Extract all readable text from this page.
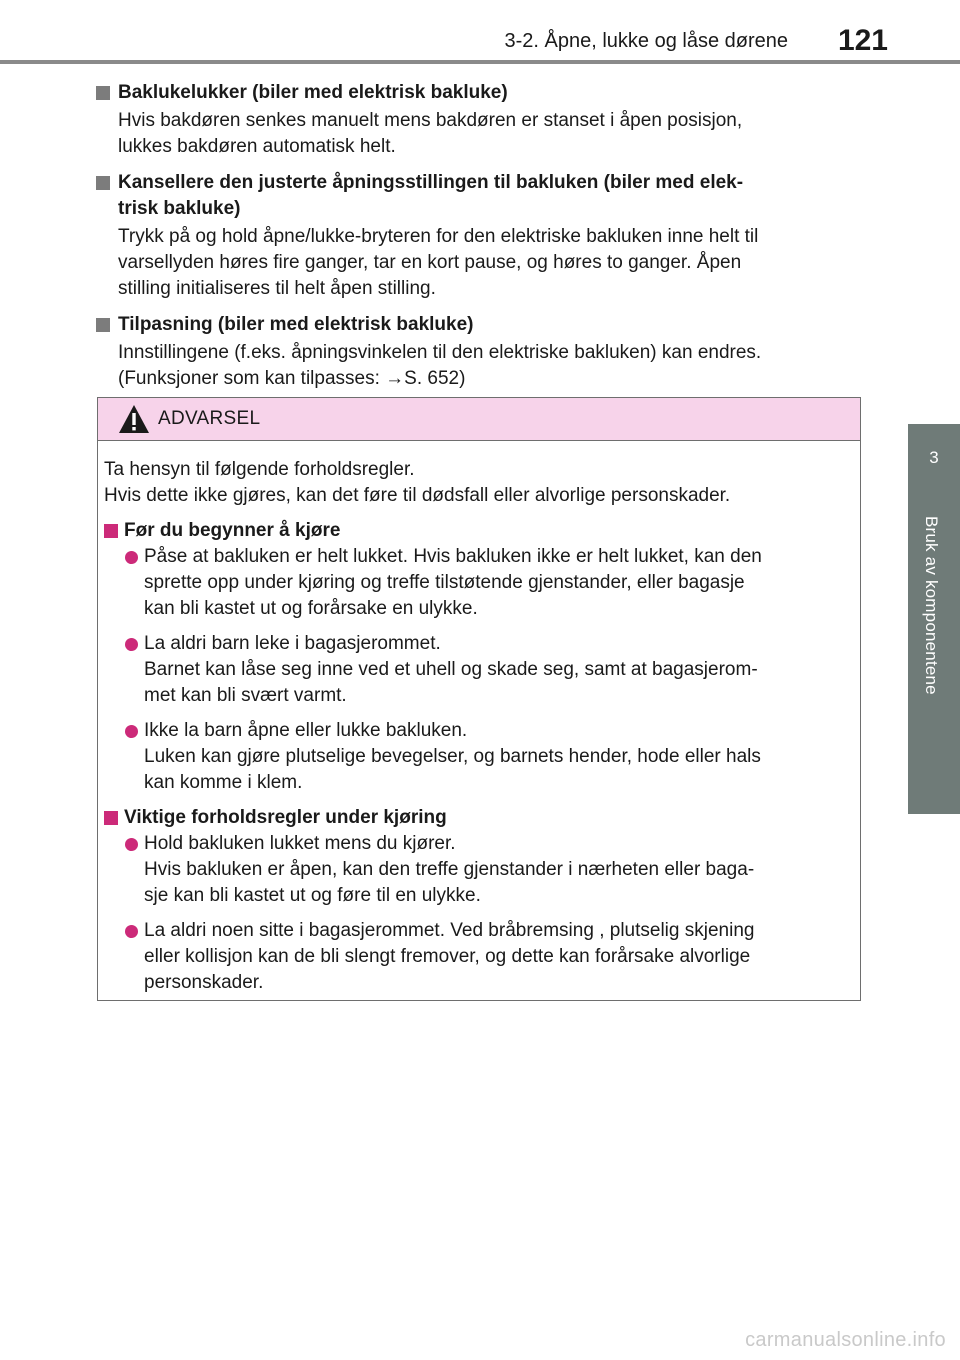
3-2. Åpne, lukke og låse dørene 121
3
Bruk av komponentene
Baklukelukker (biler med elektrisk bakluke)
Hvis bakdøren senkes manuelt mens bakdøren er stanset i åpen posisjon,
lukkes bakdøren automatisk helt.
Kansellere den justerte åpningsstillingen til bakluken (biler med elek-
trisk bakluke)
Trykk på og hold åpne/lukke-bryteren for den elektriske bakluken inne helt til
varsellyden høres fire ganger, tar en kort pause, og høres to ganger. Åpen
stilling initialiseres til helt åpen stilling.
Tilpasning (biler med elektrisk bakluke)
Innstillingene (f.eks. åpningsvinkelen til den elektriske bakluken) kan endres.
(Funksjoner som kan tilpasses: →S. 652)
ADVARSEL
Ta hensyn til følgende forholdsregler.
Hvis dette ikke gjøres, kan det føre til dødsfall eller alvorlige personskader.
Før du begynner å kjøre
Påse at bakluken er helt lukket. Hvis bakluken ikke er helt lukket, kan den
sprette opp under kjøring og treffe tilstøtende gjenstander, eller bagasje
kan bli kastet ut og forårsake en ulykke.
La aldri barn leke i bagasjerommet.
Barnet kan låse seg inne ved et uhell og skade seg, samt at bagasjerom-
met kan bli svært varmt.
Ikke la barn åpne eller lukke bakluken.
Luken kan gjøre plutselige bevegelser, og barnets hender, hode eller hals
kan komme i klem.
Viktige forholdsregler under kjøring
Hold bakluken lukket mens du kjører.
Hvis bakluken er åpen, kan den treffe gjenstander i nærheten eller baga-
sje kan bli kastet ut og føre til en ulykke.
La aldri noen sitte i bagasjerommet. Ved bråbremsing , plutselig skjening
eller kollisjon kan de bli slengt fremover, og dette kan forårsake alvorlige
personskader.
carmanualsonline.info
